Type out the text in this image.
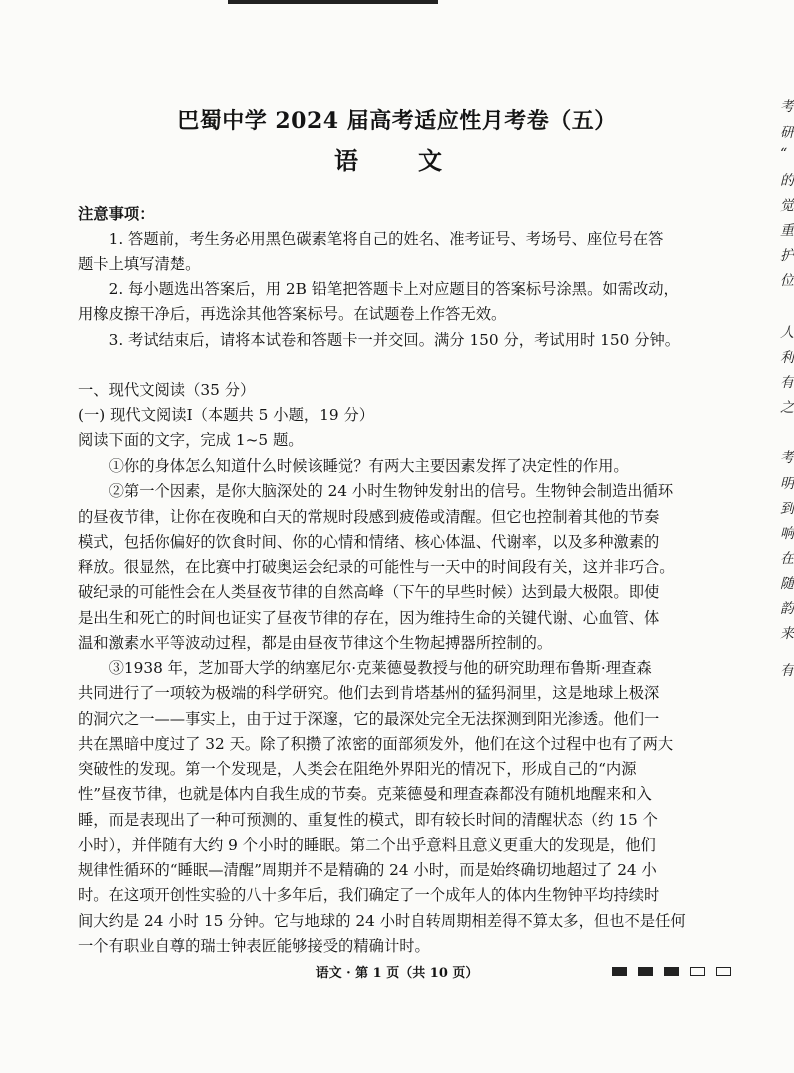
巴蜀中学 2024 届高考适应性月考卷（五）
语　文
注意事项：
　　1. 答题前，考生务必用黑色碳素笔将自己的姓名、准考证号、考场号、座位号在答
题卡上填写清楚。
　　2. 每小题选出答案后，用 2B 铅笔把答题卡上对应题目的答案标号涂黑。如需改动，
用橡皮擦干净后，再选涂其他答案标号。在试题卷上作答无效。
　　3. 考试结束后，请将本试卷和答题卡一并交回。满分 150 分，考试用时 150 分钟。
一、现代文阅读（35 分）
(一) 现代文阅读Ⅰ（本题共 5 小题，19 分）
阅读下面的文字，完成 1~5 题。
　　①你的身体怎么知道什么时候该睡觉？有两大主要因素发挥了决定性的作用。
　　②第一个因素，是你大脑深处的 24 小时生物钟发射出的信号。生物钟会制造出循环
的昼夜节律，让你在夜晚和白天的常规时段感到疲倦或清醒。但它也控制着其他的节奏
模式，包括你偏好的饮食时间、你的心情和情绪、核心体温、代谢率，以及多种激素的
释放。很显然，在比赛中打破奥运会纪录的可能性与一天中的时间段有关，这并非巧合。
破纪录的可能性会在人类昼夜节律的自然高峰（下午的早些时候）达到最大极限。即使
是出生和死亡的时间也证实了昼夜节律的存在，因为维持生命的关键代谢、心血管、体
温和激素水平等波动过程，都是由昼夜节律这个生物起搏器所控制的。
　　③1938 年，芝加哥大学的纳塞尼尔·克莱德曼教授与他的研究助理布鲁斯·理查森
共同进行了一项较为极端的科学研究。他们去到肯塔基州的猛犸洞里，这是地球上极深
的洞穴之一——事实上，由于过于深邃，它的最深处完全无法探测到阳光渗透。他们一
共在黑暗中度过了 32 天。除了积攒了浓密的面部须发外，他们在这个过程中也有了两大
突破性的发现。第一个发现是，人类会在阻绝外界阳光的情况下，形成自己的“内源
性”昼夜节律，也就是体内自我生成的节奏。克莱德曼和理查森都没有随机地醒来和入
睡，而是表现出了一种可预测的、重复性的模式，即有较长时间的清醒状态（约 15 个
小时），并伴随有大约 9 个小时的睡眠。第二个出乎意料且意义更重大的发现是，他们
规律性循环的“睡眠—清醒”周期并不是精确的 24 小时，而是始终确切地超过了 24 小
时。在这项开创性实验的八十多年后，我们确定了一个成年人的体内生物钟平均持续时
间大约是 24 小时 15 分钟。它与地球的 24 小时自转周期相差得不算太多，但也不是任何
一个有职业自尊的瑞士钟表匠能够接受的精确计时。
语文 · 第 1 页（共 10 页）
考
研
“
的
觉
重
护
位
人
利
有
之
考
明
到
响
在
随
韵
来
有
